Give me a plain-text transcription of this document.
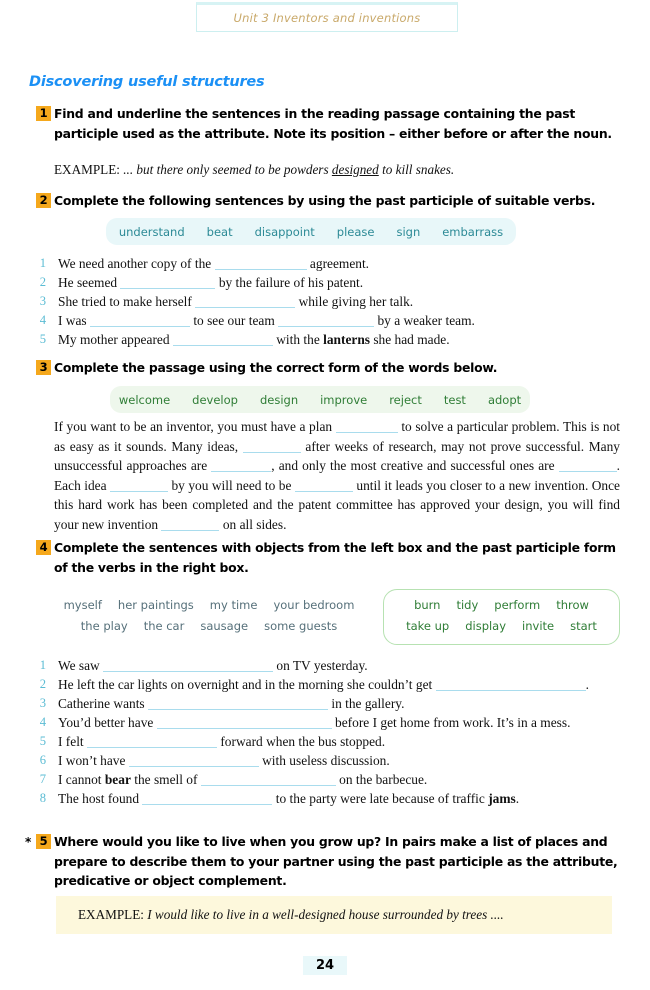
Unit 3 Inventors and inventions
Discovering useful structures
1 Find and underline the sentences in the reading passage containing the past participle used as the attribute. Note its position – either before or after the noun.
EXAMPLE: ... but there only seemed to be powders designed to kill snakes.
2 Complete the following sentences by using the past participle of suitable verbs.
understand beat disappoint please sign embarrass
1 We need another copy of the	agreement.
2 He seemed	by the failure of his patent.
3 She tried to make herself	while giving her talk.
4 I was	to see our team	by a weaker team.
5 My mother appeared	with the lanterns she had made.
3 Complete the passage using the correct form of the words below.
welcome develop design improve reject test adopt
If you want to be an inventor, you must have a plan	to solve a particular problem. This is not as easy as it sounds. Many ideas,	after weeks of research, may not prove successful. Many unsuccessful approaches are	, and only the most creative and successful ones are	. Each idea	by you will need to be	until it leads you closer to a new invention. Once this hard work has been completed and the patent committee has approved your design, you will find your new invention	on all sides.
4 Complete the sentences with objects from the left box and the past participle form of the verbs in the right box.
myself her paintings my time your bedroom
the play the car sausage some guests
burn tidy perform throw
take up display invite start
1 We saw	on TV yesterday.
2 He left the car lights on overnight and in the morning she couldn’t get	.
3 Catherine wants	in the gallery.
4 You’d better have	before I get home from work. It’s in a mess.
5 I felt	forward when the bus stopped.
6 I won’t have	with useless discussion.
7 I cannot bear the smell of	on the barbecue.
8 The host found	to the party were late because of traffic jams.
* 5 Where would you like to live when you grow up? In pairs make a list of places and prepare to describe them to your partner using the past participle as the attribute, predicative or object complement.
EXAMPLE: I would like to live in a well-designed house surrounded by trees ....
24
